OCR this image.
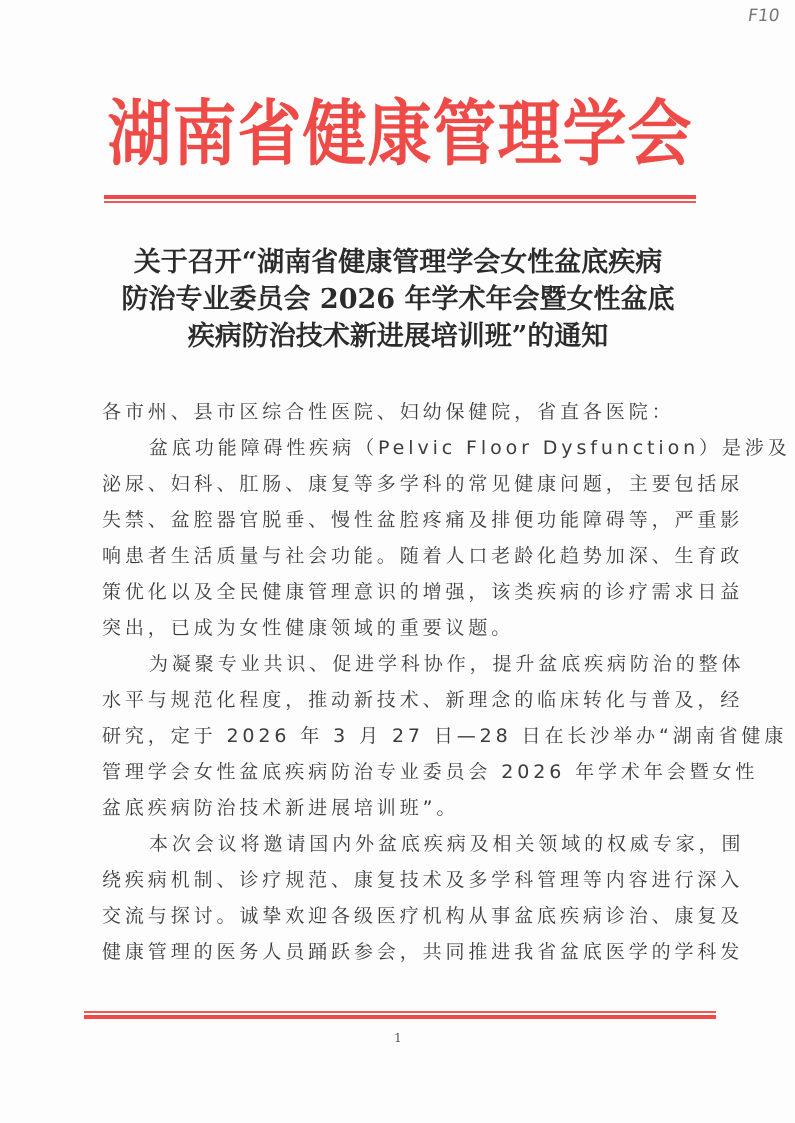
F10
湖南省健康管理学会
关于召开“湖南省健康管理学会女性盆底疾病
防治专业委员会 2026 年学术年会暨女性盆底
疾病防治技术新进展培训班”的通知
各市州、县市区综合性医院、妇幼保健院，省直各医院：
盆底功能障碍性疾病（Pelvic Floor Dysfunction）是涉及
泌尿、妇科、肛肠、康复等多学科的常见健康问题，主要包括尿
失禁、盆腔器官脱垂、慢性盆腔疼痛及排便功能障碍等，严重影
响患者生活质量与社会功能。随着人口老龄化趋势加深、生育政
策优化以及全民健康管理意识的增强，该类疾病的诊疗需求日益
突出，已成为女性健康领域的重要议题。
为凝聚专业共识、促进学科协作，提升盆底疾病防治的整体
水平与规范化程度，推动新技术、新理念的临床转化与普及，经
研究，定于 2026 年 3 月 27 日—28 日在长沙举办“湖南省健康
管理学会女性盆底疾病防治专业委员会 2026 年学术年会暨女性
盆底疾病防治技术新进展培训班”。
本次会议将邀请国内外盆底疾病及相关领域的权威专家，围
绕疾病机制、诊疗规范、康复技术及多学科管理等内容进行深入
交流与探讨。诚挚欢迎各级医疗机构从事盆底疾病诊治、康复及
健康管理的医务人员踊跃参会，共同推进我省盆底医学的学科发
1
